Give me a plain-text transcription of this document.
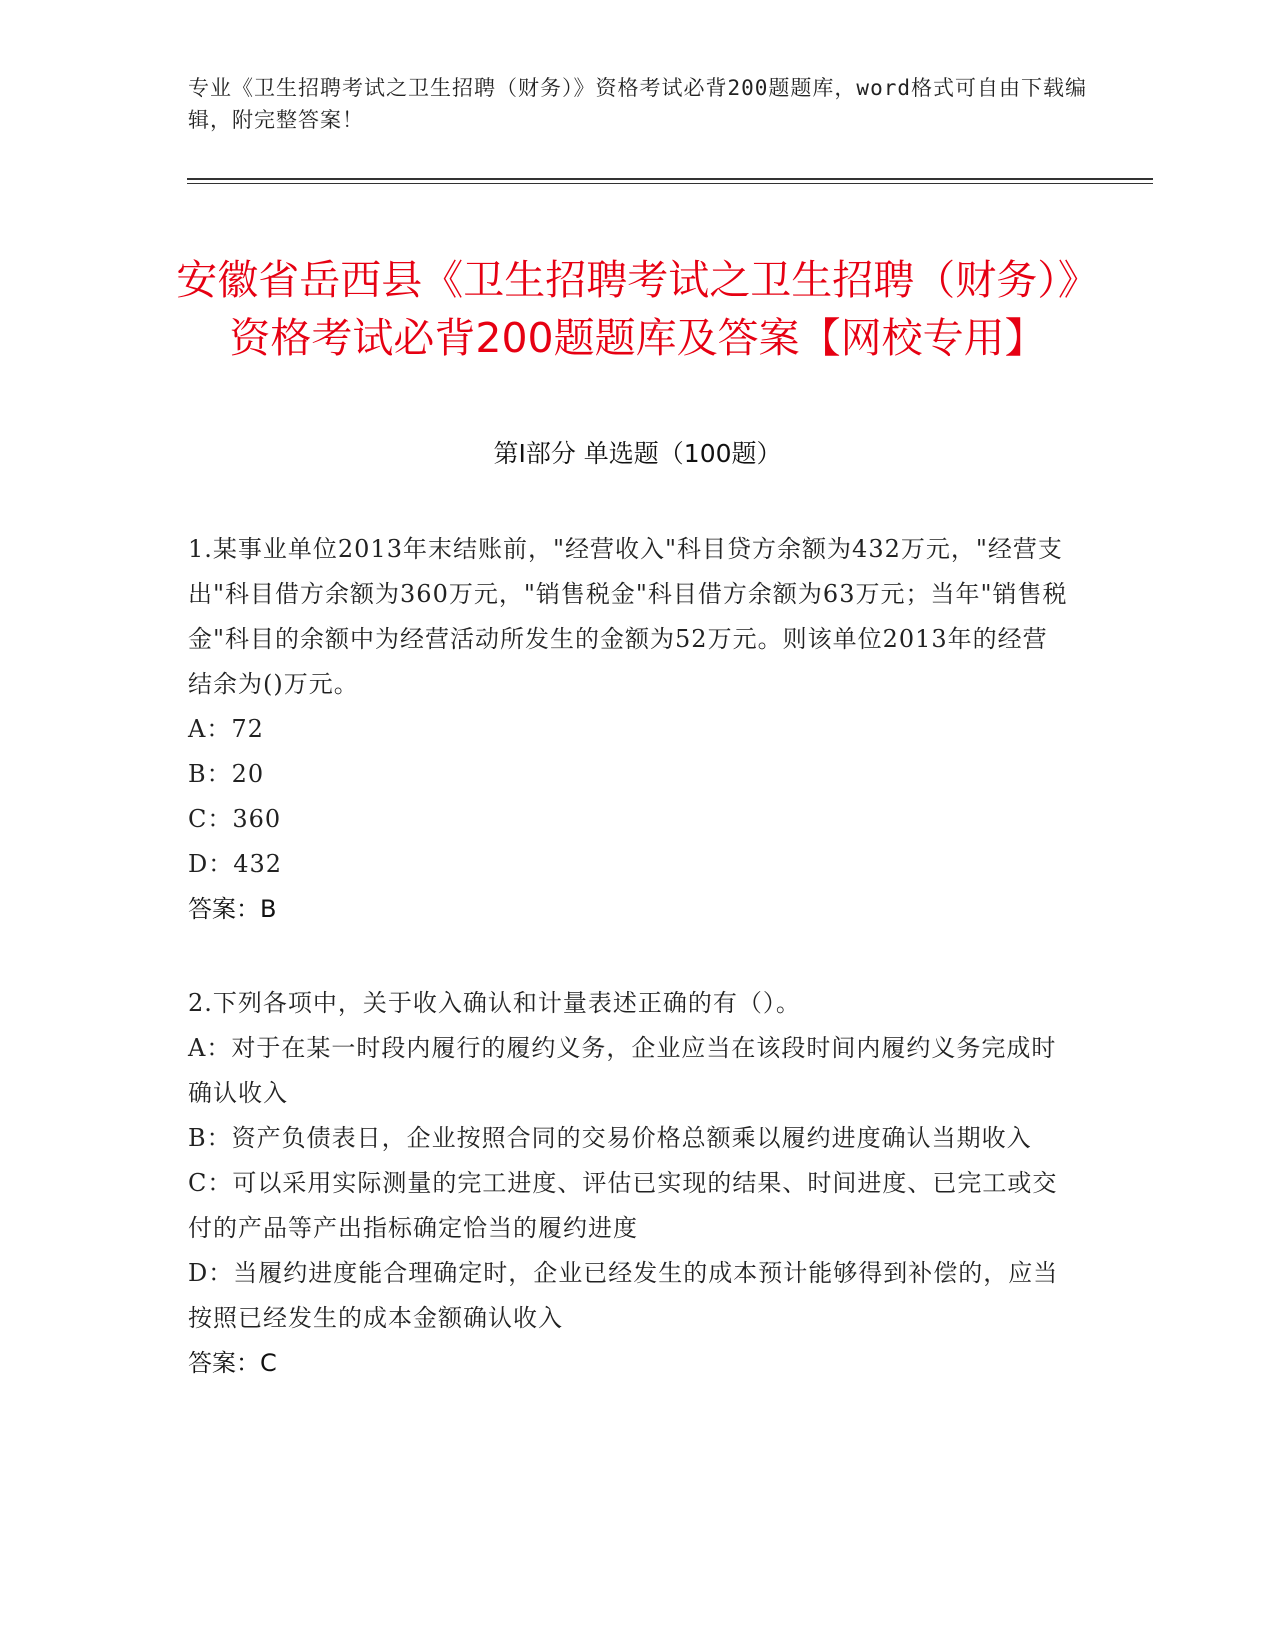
专业《卫生招聘考试之卫生招聘（财务）》资格考试必背200题题库，word格式可自由下载编辑，附完整答案！
安徽省岳西县《卫生招聘考试之卫生招聘（财务）》资格考试必背200题题库及答案【网校专用】
第I部分 单选题（100题）

1.某事业单位2013年末结账前，"经营收入"科目贷方余额为432万元，"经营支出"科目借方余额为360万元，"销售税金"科目借方余额为63万元；当年"销售税金"科目的余额中为经营活动所发生的金额为52万元。则该单位2013年的经营结余为()万元。

A：72

B：20

C：360

D：432

答案：B

2.下列各项中，关于收入确认和计量表述正确的有（）。

A：对于在某一时段内履行的履约义务，企业应当在该段时间内履约义务完成时确认收入

B：资产负债表日，企业按照合同的交易价格总额乘以履约进度确认当期收入

C：可以采用实际测量的完工进度、评估已实现的结果、时间进度、已完工或交付的产品等产出指标确定恰当的履约进度

D：当履约进度能合理确定时，企业已经发生的成本预计能够得到补偿的，应当按照已经发生的成本金额确认收入

答案：C
